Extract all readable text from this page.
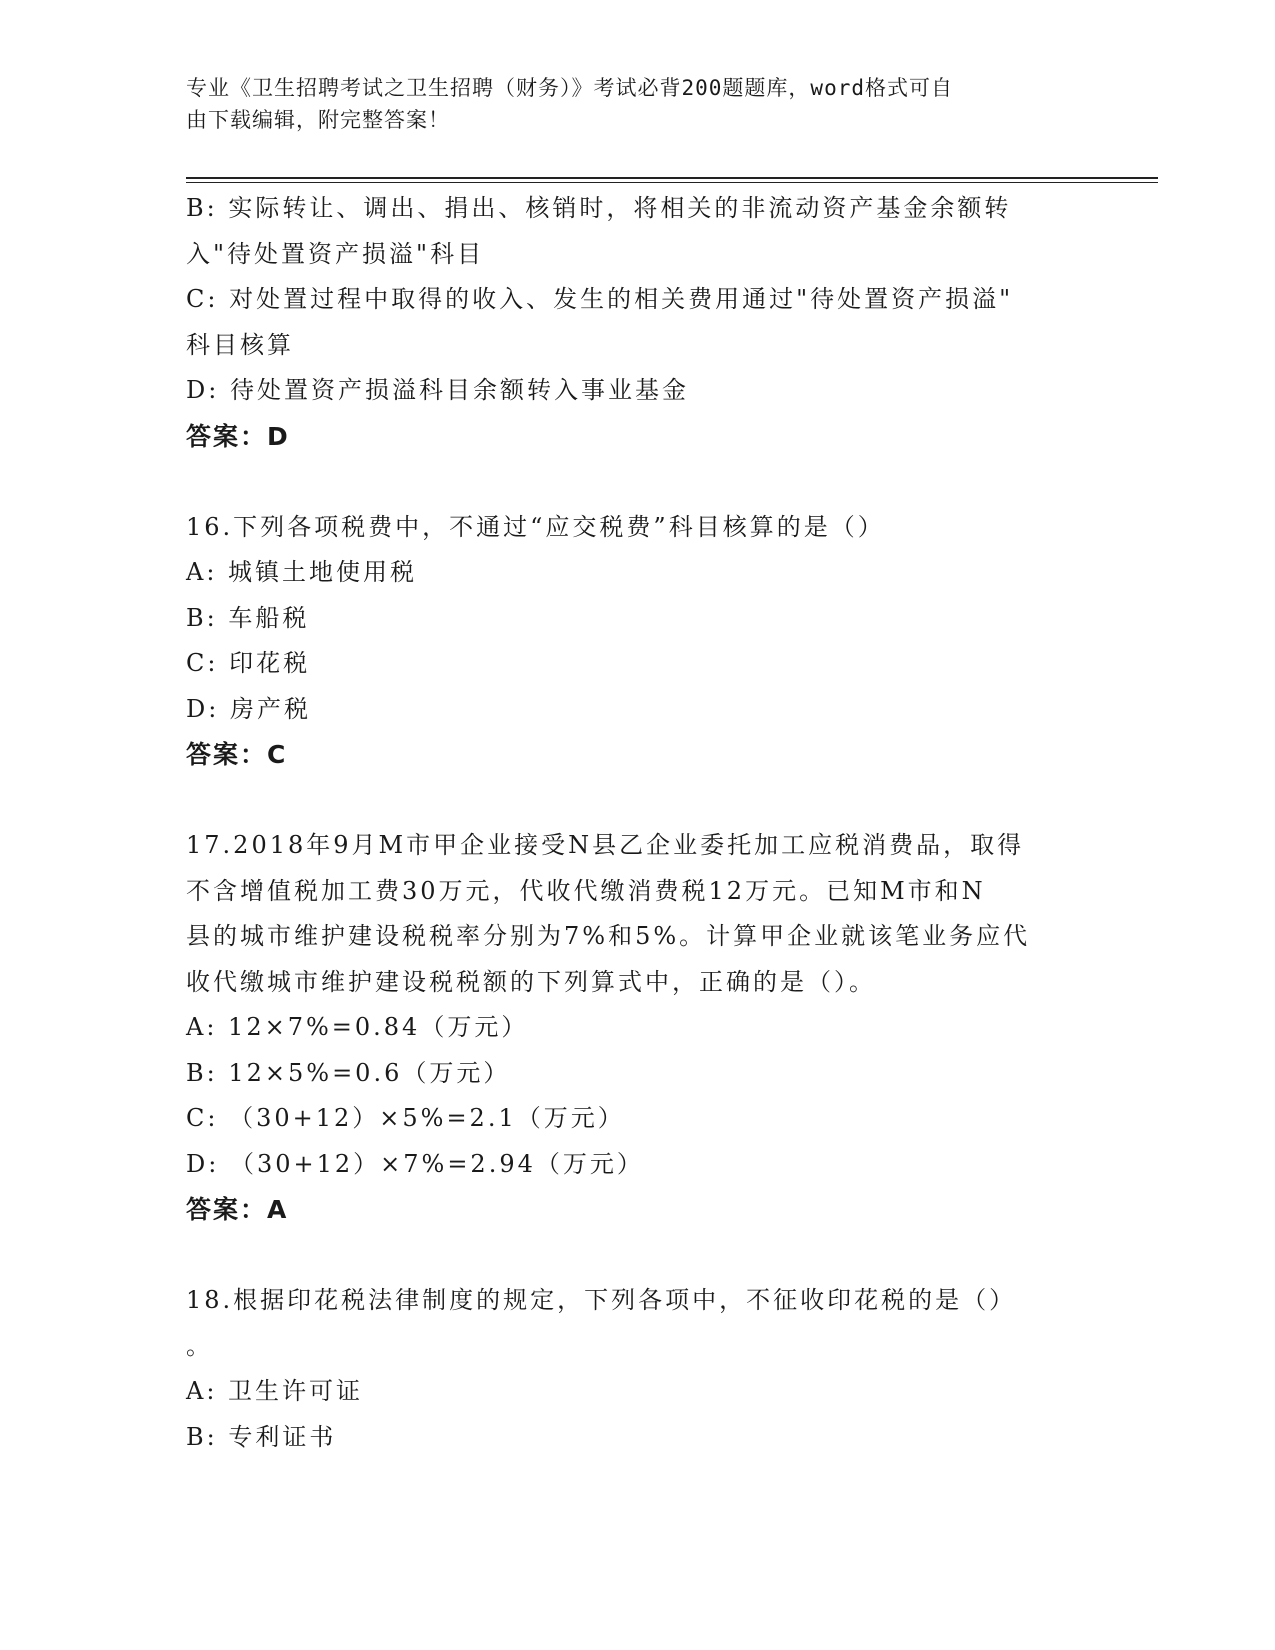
专业《卫生招聘考试之卫生招聘（财务）》考试必背200题题库，word格式可自
由下载编辑，附完整答案！
B: 实际转让、调出、捐出、核销时，将相关的非流动资产基金余额转
入"待处置资产损溢"科目
C: 对处置过程中取得的收入、发生的相关费用通过"待处置资产损溢"
科目核算
D: 待处置资产损溢科目余额转入事业基金
答案：D
16.下列各项税费中，不通过“应交税费”科目核算的是（）
A: 城镇土地使用税
B: 车船税
C: 印花税
D: 房产税
答案：C
17.2018年9月M市甲企业接受N县乙企业委托加工应税消费品，取得
不含增值税加工费30万元，代收代缴消费税12万元。已知M市和N
县的城市维护建设税税率分别为7%和5%。计算甲企业就该笔业务应代
收代缴城市维护建设税税额的下列算式中，正确的是（）。
A: 12×7%=0.84（万元）
B: 12×5%=0.6（万元）
C: （30+12）×5%=2.1（万元）
D: （30+12）×7%=2.94（万元）
答案：A
18.根据印花税法律制度的规定，下列各项中，不征收印花税的是（）
。
A: 卫生许可证
B: 专利证书
